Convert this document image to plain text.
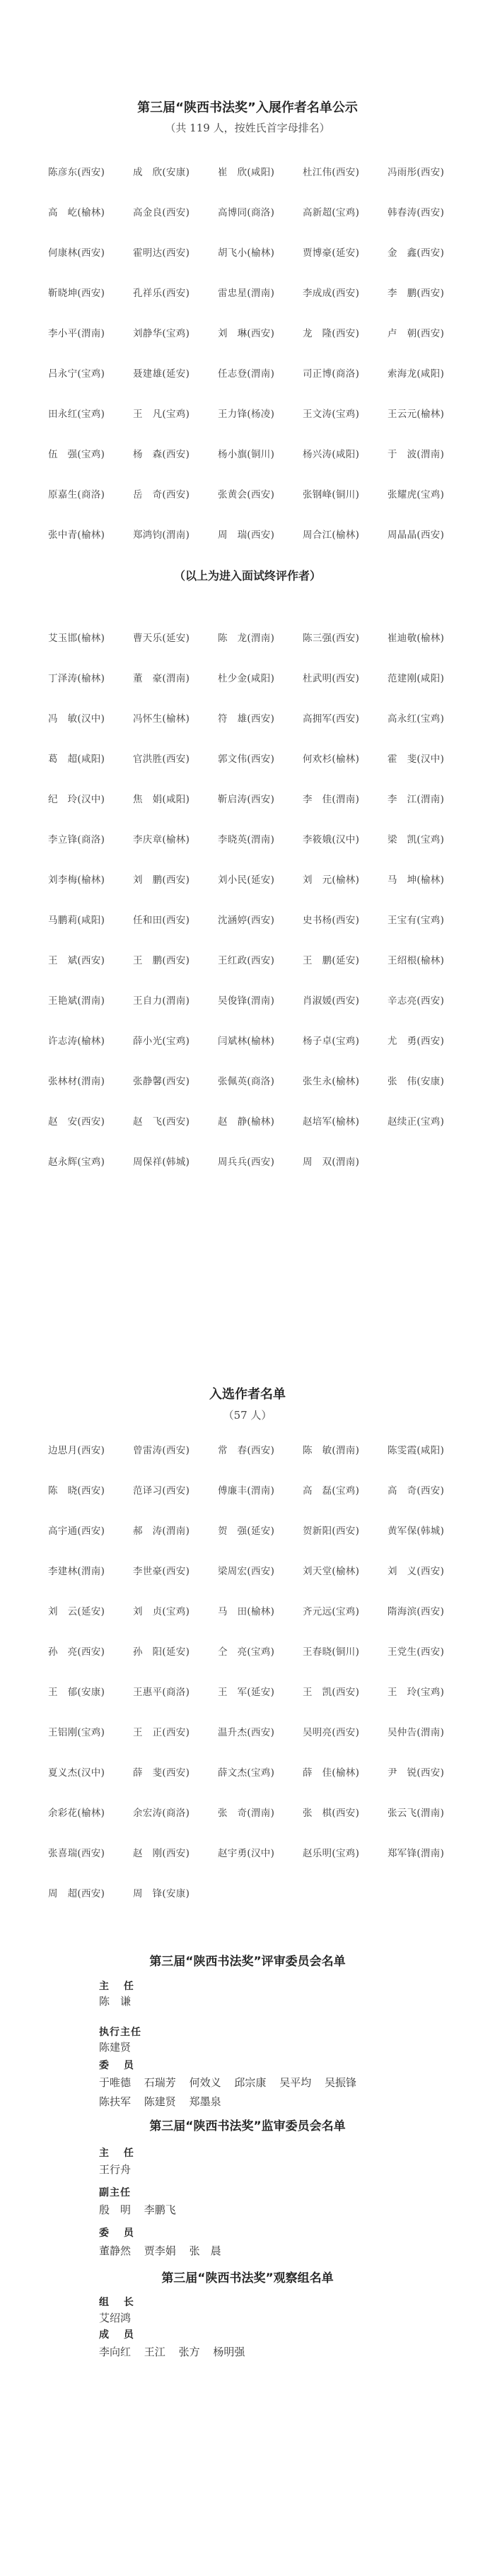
第三届“陕西书法奖”入展作者名单公示
（共 119 人，按姓氏首字母排名）
陈彦东(西安)	成　欣(安康)	崔　欣(咸阳)	杜江伟(西安)	冯雨彤(西安)
高　屹(榆林)	高金良(西安)	高博同(商洛)	高新超(宝鸡)	韩春涛(西安)
何康林(西安)	霍明达(西安)	胡飞小(榆林)	贾博豪(延安)	金　鑫(西安)
靳晓坤(西安)	孔祥乐(西安)	雷忠星(渭南)	李成成(西安)	李　鹏(西安)
李小平(渭南)	刘静华(宝鸡)	刘　琳(西安)	龙　隆(西安)	卢　朝(西安)
吕永宁(宝鸡)	聂建雄(延安)	任志登(渭南)	司正博(商洛)	索海龙(咸阳)
田永红(宝鸡)	王　凡(宝鸡)	王力锋(杨凌)	王文涛(宝鸡)	王云元(榆林)
伍　强(宝鸡)	杨　森(西安)	杨小旗(铜川)	杨兴涛(咸阳)	于　波(渭南)
原嘉生(商洛)	岳　奇(西安)	张黄会(西安)	张钢峰(铜川)	张耀虎(宝鸡)
张中青(榆林)	郑鸿钧(渭南)	周　瑞(西安)	周合江(榆林)	周晶晶(西安)
（以上为进入面试终评作者）
艾玉邯(榆林)	曹天乐(延安)	陈　龙(渭南)	陈三强(西安)	崔迪敬(榆林)
丁泽涛(榆林)	董　豪(渭南)	杜少金(咸阳)	杜武明(西安)	范建刚(咸阳)
冯　敏(汉中)	冯怀生(榆林)	符　雄(西安)	高拥军(西安)	高永红(宝鸡)
葛　超(咸阳)	官洪胜(西安)	郭文伟(西安)	何欢杉(榆林)	霍　斐(汉中)
纪　玲(汉中)	焦　娟(咸阳)	靳启涛(西安)	李　佳(渭南)	李　江(渭南)
李立锋(商洛)	李庆章(榆林)	李晓英(渭南)	李筱娥(汉中)	梁　凯(宝鸡)
刘李梅(榆林)	刘　鹏(西安)	刘小民(延安)	刘　元(榆林)	马　坤(榆林)
马鹏莉(咸阳)	任和田(西安)	沈涵婷(西安)	史书杨(西安)	王宝有(宝鸡)
王　斌(西安)	王　鹏(西安)	王红政(西安)	王　鹏(延安)	王绍根(榆林)
王艳斌(渭南)	王自力(渭南)	吴俊锋(渭南)	肖淑媛(西安)	辛志亮(西安)
许志涛(榆林)	薛小光(宝鸡)	闫斌林(榆林)	杨子卓(宝鸡)	尤　勇(西安)
张林材(渭南)	张静馨(西安)	张佩英(商洛)	张生永(榆林)	张　伟(安康)
赵　安(西安)	赵　飞(西安)	赵　静(榆林)	赵培军(榆林)	赵续正(宝鸡)
赵永辉(宝鸡)	周保祥(韩城)	周兵兵(西安)	周　双(渭南)
入选作者名单
（57 人）
边思月(西安)	曾雷涛(西安)	常　春(西安)	陈　敏(渭南)	陈雯霞(咸阳)
陈　晓(西安)	范译习(西安)	傅廉丰(渭南)	高　磊(宝鸡)	高　奇(西安)
高宇通(西安)	郝　涛(渭南)	贺　强(延安)	贺新阳(西安)	黄军保(韩城)
李建林(渭南)	李世豪(西安)	梁周宏(西安)	刘天堂(榆林)	刘　义(西安)
刘　云(延安)	刘　贞(宝鸡)	马　田(榆林)	齐元远(宝鸡)	隋海滨(西安)
孙　亮(西安)	孙　阳(延安)	仝　亮(宝鸡)	王春晓(铜川)	王党生(西安)
王　郁(安康)	王惠平(商洛)	王　军(延安)	王　凯(西安)	王　玲(宝鸡)
王铝刚(宝鸡)	王　正(西安)	温升杰(西安)	吴明亮(西安)	吴仲告(渭南)
夏义杰(汉中)	薛　斐(西安)	薛文杰(宝鸡)	薛　佳(榆林)	尹　锐(西安)
余彩花(榆林)	余宏涛(商洛)	张　奇(渭南)	张　棋(西安)	张云飞(渭南)
张喜瑞(西安)	赵　刚(西安)	赵宇勇(汉中)	赵乐明(宝鸡)	郑军锋(渭南)
周　超(西安)	周　锋(安康)
第三届“陕西书法奖”评审委员会名单
主 任
陈　谦
执行主任
陈建贤
委 员
于唯德 石瑞芳 何效义 邱宗康 吴平均 吴振锋
陈扶军 陈建贤 郑墨泉
第三届“陕西书法奖”监审委员会名单
主 任
王行舟
副主任
殷　明 李鹏飞
委 员
董静然 贾李娟 张　晨
第三届“陕西书法奖”观察组名单
组 长
艾绍鸿
成 员
李向红 王江 张方 杨明强
